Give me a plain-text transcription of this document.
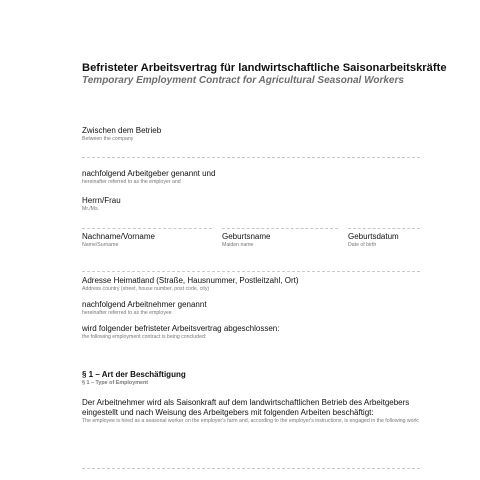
Befristeter Arbeitsvertrag für landwirtschaftliche Saisonarbeitskräfte
Temporary Employment Contract for Agricultural Seasonal Workers
Zwischen dem Betrieb
Between the company
nachfolgend Arbeitgeber genannt und
hereinafter referred to as the employer and
Herrn/Frau
Mr./Ms.
Nachname/Vorname
Name/Surname
Geburtsname
Maiden name
Geburtsdatum
Date of birth
Adresse Heimatland (Straße, Hausnummer, Postleitzahl, Ort)
Address country (street, house number, post code, city)
nachfolgend Arbeitnehmer genannt
hereinafter referred to as the employee
wird folgender befristeter Arbeitsvertrag abgeschlossen:
the following employment contract is being concluded:
§ 1 – Art der Beschäftigung
§ 1 – Type of Employment
Der Arbeitnehmer wird als Saisonkraft auf dem landwirtschaftlichen Betrieb des Arbeitgebers eingestellt und nach Weisung des Arbeitgebers mit folgenden Arbeiten beschäftigt:
The employee is hired as a seasonal worker on the employer's farm and, according to the employer's instructions, is engaged in the following work:
